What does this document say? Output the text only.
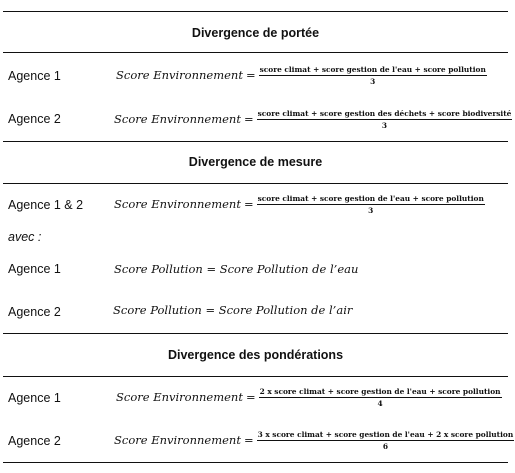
Divergence de portée
Agence 1	Score Environnement = $\frac{\text{score climat + score gestion de l'eau + score pollution}}{3}$
Agence 2	Score Environnement = score climat + score gestion des déchets + score biodiversité
3
Divergence de mesure
Agence 1 & 2	Score Environnement = $\frac{\text{score climat + score gestion de l'eau + score pollution}}{3}$
avec :
Agence 1	Score Pollution = Score Pollution de l’eau
Agence 2	Score Pollution = Score Pollution de l’air
Divergence des pondérations
Agence 1	Score Environnement = $\frac{\text{2 x score climat + score gestion de l'eau + score pollution}}{4}$
Agence 2	Score Environnement = 3 x score climat + score gestion de l'eau + 2 x score pollution
6
